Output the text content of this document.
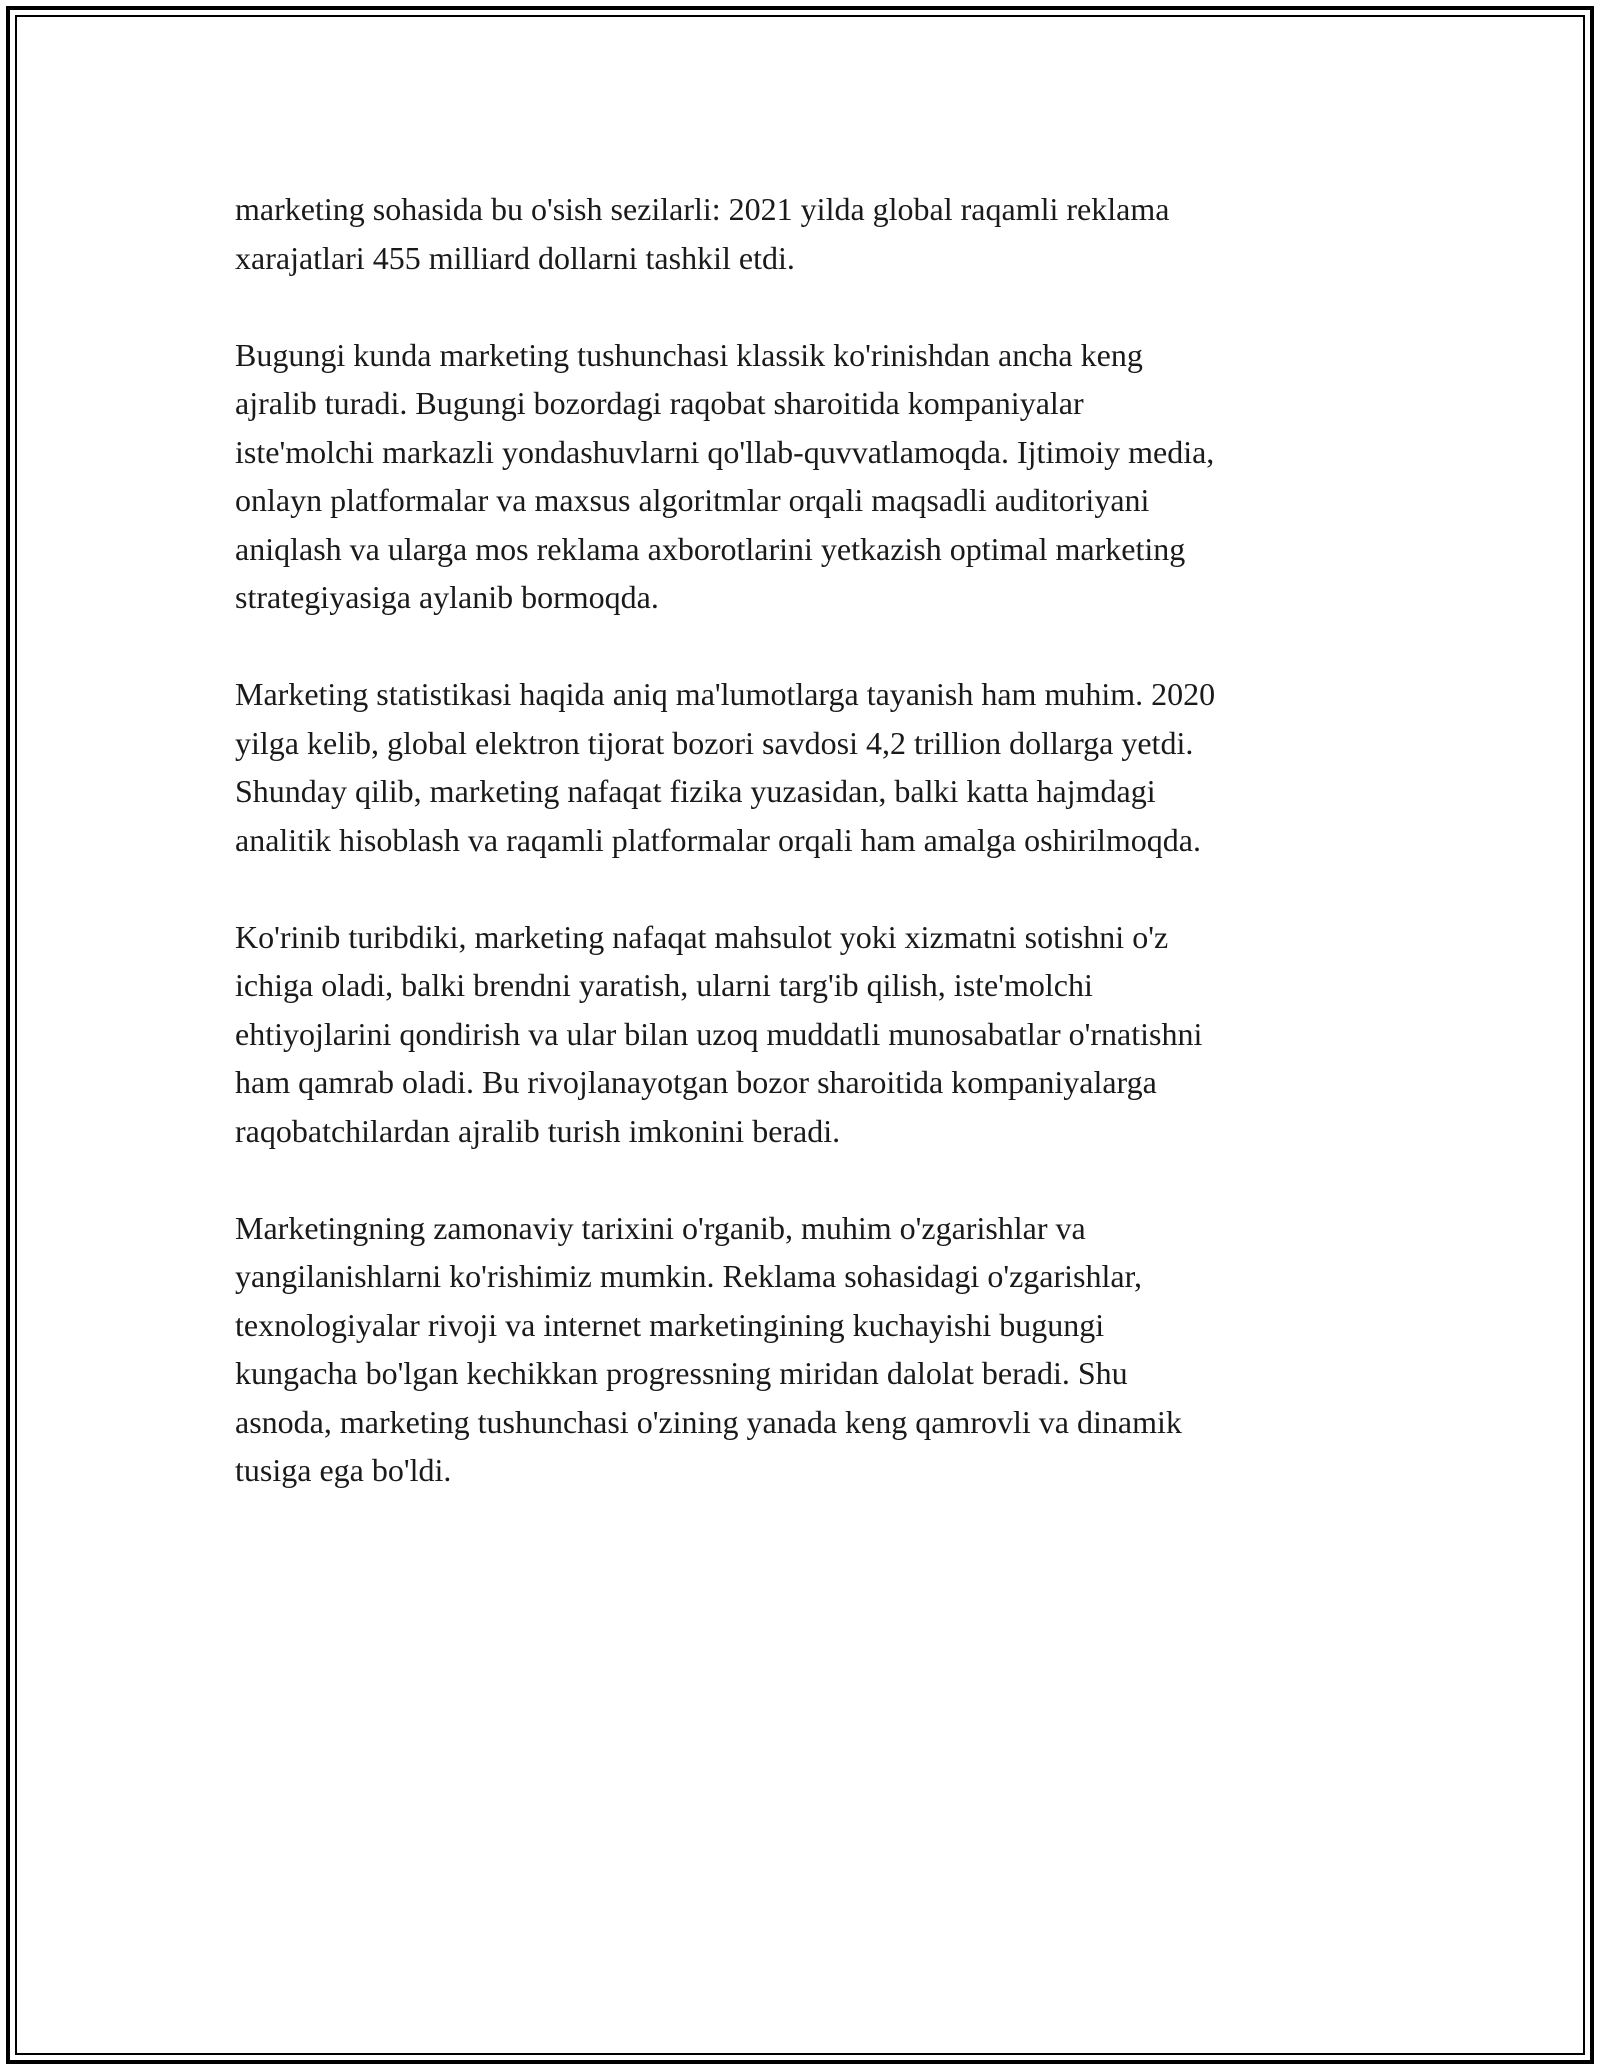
marketing sohasida bu o'sish sezilarli: 2021 yilda global raqamli reklama
xarajatlari 455 milliard dollarni tashkil etdi.

Bugungi kunda marketing tushunchasi klassik ko'rinishdan ancha keng
ajralib turadi. Bugungi bozordagi raqobat sharoitida kompaniyalar
iste'molchi markazli yondashuvlarni qo'llab-quvvatlamoqda. Ijtimoiy media,
onlayn platformalar va maxsus algoritmlar orqali maqsadli auditoriyani
aniqlash va ularga mos reklama axborotlarini yetkazish optimal marketing
strategiyasiga aylanib bormoqda.

Marketing statistikasi haqida aniq ma'lumotlarga tayanish ham muhim. 2020
yilga kelib, global elektron tijorat bozori savdosi 4,2 trillion dollarga yetdi.
Shunday qilib, marketing nafaqat fizika yuzasidan, balki katta hajmdagi
analitik hisoblash va raqamli platformalar orqali ham amalga oshirilmoqda.

Ko'rinib turibdiki, marketing nafaqat mahsulot yoki xizmatni sotishni o'z
ichiga oladi, balki brendni yaratish, ularni targ'ib qilish, iste'molchi
ehtiyojlarini qondirish va ular bilan uzoq muddatli munosabatlar o'rnatishni
ham qamrab oladi. Bu rivojlanayotgan bozor sharoitida kompaniyalarga
raqobatchilardan ajralib turish imkonini beradi.

Marketingning zamonaviy tarixini o'rganib, muhim o'zgarishlar va
yangilanishlarni ko'rishimiz mumkin. Reklama sohasidagi o'zgarishlar,
texnologiyalar rivoji va internet marketingining kuchayishi bugungi
kungacha bo'lgan kechikkan progressning miridan dalolat beradi. Shu
asnoda, marketing tushunchasi o'zining yanada keng qamrovli va dinamik
tusiga ega bo'ldi.
